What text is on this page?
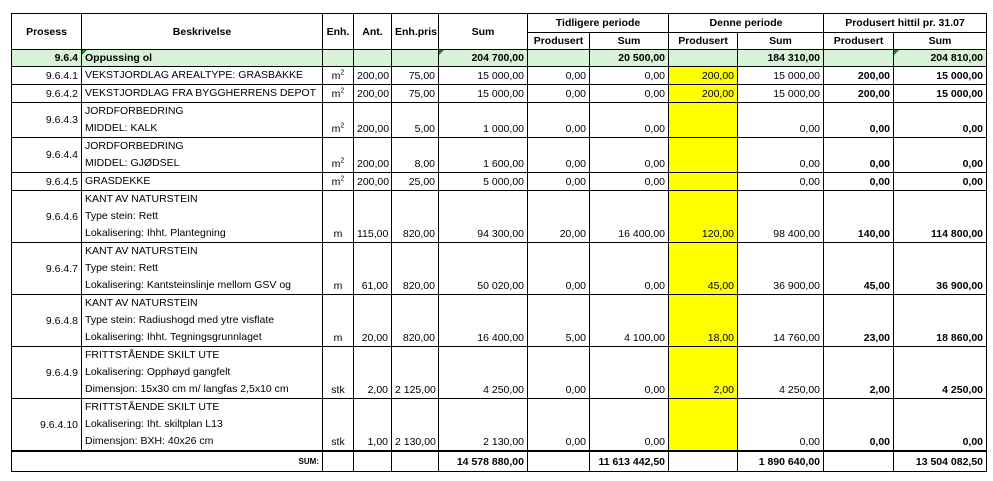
Prosess	Beskrivelse	Enh.	Ant.	Enh.pris	Sum	Tidligere periode		Denne periode		Produsert hittil pr. 31.07	
						Produsert	Sum	Produsert	Sum	Produsert	Sum
9.6.4	Oppussing ol				204 700,00		20 500,00		184 310,00		204 810,00
9.6.4.1	VEKSTJORDLAG AREALTYPE: GRASBAKKE	$m^2$	200,00	75,00	15 000,00	0,00	0,00	200,00	15 000,00	200,00	15 000,00
9.6.4.2	VEKSTJORDLAG FRA BYGGHERRENS DEPOT	$m^2$	200,00	75,00	15 000,00	0,00	0,00	200,00	15 000,00	200,00	15 000,00
9.6.4.3	JORDFORBEDRING
MIDDEL: KALK	$m^2$	200,00	5,00	1 000,00	0,00	0,00		0,00	0,00	0,00
9.6.4.4	JORDFORBEDRING
MIDDEL: GJØDSEL	$m^2$	200,00	8,00	1 600,00	0,00	0,00		0,00	0,00	0,00
9.6.4.5	GRASDEKKE	$m^2$	200,00	25,00	5 000,00	0,00	0,00		0,00	0,00	0,00
9.6.4.6	KANT AV NATURSTEIN
Type stein: Rett
Lokalisering: Ihht. Plantegning	m	115,00	820,00	94 300,00	20,00	16 400,00	120,00	98 400,00	140,00	114 800,00
9.6.4.7	KANT AV NATURSTEIN
Type stein: Rett
Lokalisering: Kantsteinslinje mellom GSV og	m	61,00	820,00	50 020,00	0,00	0,00	45,00	36 900,00	45,00	36 900,00
9.6.4.8	KANT AV NATURSTEIN
Type stein: Radiushogd med ytre visflate
Lokalisering: Ihht. Tegningsgrunnlaget	m	20,00	820,00	16 400,00	5,00	4 100,00	18,00	14 760,00	23,00	18 860,00
9.6.4.9	FRITTSTÅENDE SKILT UTE
Lokalisering: Opphøyd gangfelt
Dimensjon: 15x30 cm m/ langfas 2,5x10 cm	stk	2,00	2 125,00	4 250,00	0,00	0,00	2,00	4 250,00	2,00	4 250,00
9.6.4.10	FRITTSTÅENDE SKILT UTE
Lokalisering: Iht. skiltplan L13
Dimensjon: BXH: 40x26 cm	stk	1,00	2 130,00	2 130,00	0,00	0,00		0,00	0,00	0,00
SUM:					14 578 880,00		11 613 442,50		1 890 640,00		13 504 082,50
